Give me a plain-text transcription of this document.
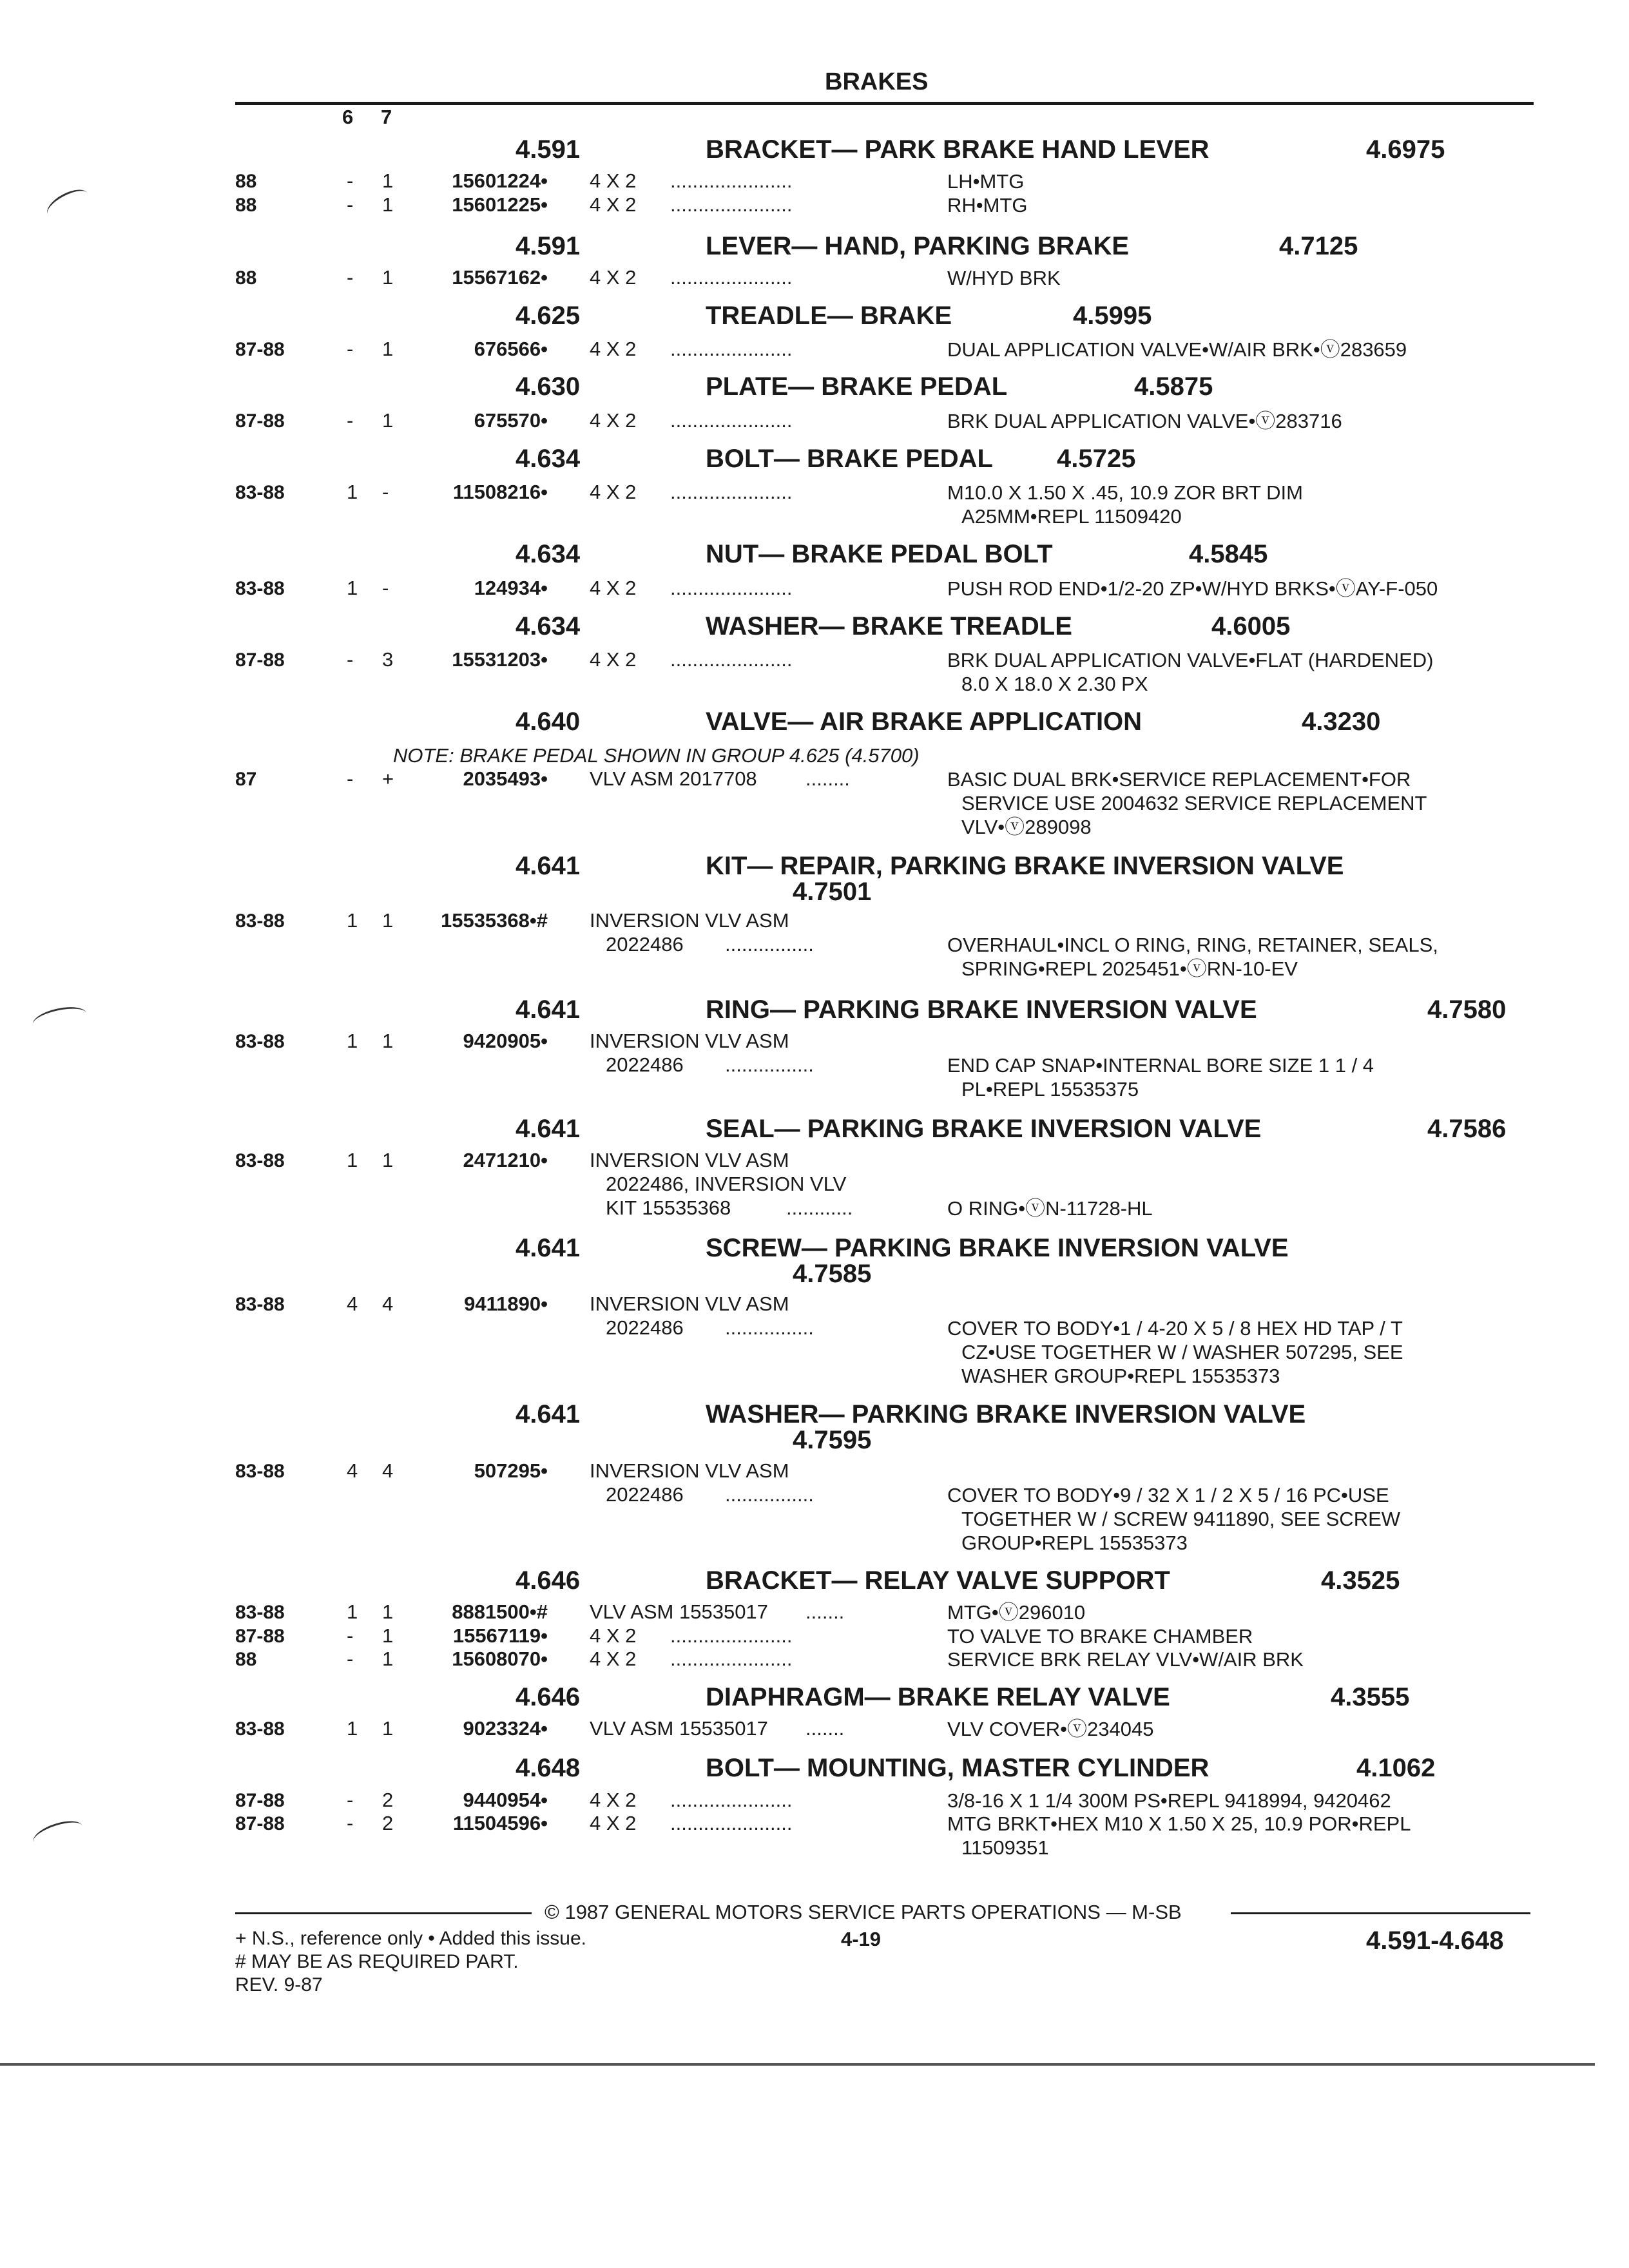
BRAKES
6 7
4.591	BRACKET— PARK BRAKE HAND LEVER	4.6975
88	- 1	15601224• 4 X 2 ......................	LH•MTG
88	- 1	15601225• 4 X 2 ......................	RH•MTG
4.591	LEVER— HAND, PARKING BRAKE	4.7125
88	- 1	15567162• 4 X 2 ......................	W/HYD BRK
4.625	TREADLE— BRAKE	4.5995
87-88	- 1	676566• 4 X 2 ......................	DUAL APPLICATION VALVE•W/AIR BRK•ⓥ283659
4.630	PLATE— BRAKE PEDAL	4.5875
87-88	- 1	675570• 4 X 2 ......................	BRK DUAL APPLICATION VALVE•ⓥ283716
4.634	BOLT— BRAKE PEDAL 4.5725
83-88	1 -	11508216• 4 X 2 ......................	M10.0 X 1.50 X .45, 10.9 ZOR BRT DIM
A25MM•REPL 11509420
4.634	NUT— BRAKE PEDAL BOLT	4.5845
83-88	1 -	124934• 4 X 2 ......................	PUSH ROD END•1/2-20 ZP•W/HYD BRKS•ⓥAY-F-050
4.634	WASHER— BRAKE TREADLE	4.6005
87-88	- 3	15531203• 4 X 2 ......................	BRK DUAL APPLICATION VALVE•FLAT (HARDENED)
8.0 X 18.0 X 2.30 PX
4.640	VALVE— AIR BRAKE APPLICATION	4.3230
NOTE: BRAKE PEDAL SHOWN IN GROUP 4.625 (4.5700)
87	- +	2035493• VLV ASM 2017708 ........	BASIC DUAL BRK•SERVICE REPLACEMENT•FOR
SERVICE USE 2004632 SERVICE REPLACEMENT
VLV•ⓥ289098
4.641	KIT— REPAIR, PARKING BRAKE INVERSION VALVE
4.7501
83-88	1 1 15535368•# INVERSION VLV ASM
2022486 ................	OVERHAUL•INCL O RING, RING, RETAINER, SEALS,
SPRING•REPL 2025451•ⓥRN-10-EV
4.641	RING— PARKING BRAKE INVERSION VALVE	4.7580
83-88	1 1	9420905• INVERSION VLV ASM
2022486 ................	END CAP SNAP•INTERNAL BORE SIZE 1 1 / 4
PL•REPL 15535375
4.641	SEAL— PARKING BRAKE INVERSION VALVE	4.7586
83-88	1 1	2471210• INVERSION VLV ASM
2022486, INVERSION VLV
KIT 15535368	............	O RING•ⓥN-11728-HL
4.641	SCREW— PARKING BRAKE INVERSION VALVE
4.7585
83-88	4 4	9411890• INVERSION VLV ASM
2022486 ................	COVER TO BODY•1 / 4-20 X 5 / 8 HEX HD TAP / T
CZ•USE TOGETHER W / WASHER 507295, SEE
WASHER GROUP•REPL 15535373
4.641	WASHER— PARKING BRAKE INVERSION VALVE
4.7595
83-88	4 4	507295• INVERSION VLV ASM
2022486 ................	COVER TO BODY•9 / 32 X 1 / 2 X 5 / 16 PC•USE
TOGETHER W / SCREW 9411890, SEE SCREW
GROUP•REPL 15535373
4.646	BRACKET— RELAY VALVE SUPPORT	4.3525
83-88	1 1	8881500•# VLV ASM 15535017 .......	MTG•ⓥ296010
87-88	- 1	15567119• 4 X 2 ......................	TO VALVE TO BRAKE CHAMBER
88	- 1	15608070• 4 X 2 ......................	SERVICE BRK RELAY VLV•W/AIR BRK
4.646	DIAPHRAGM— BRAKE RELAY VALVE	4.3555
83-88	1 1	9023324• VLV ASM 15535017 .......	VLV COVER•ⓥ234045
4.648	BOLT— MOUNTING, MASTER CYLINDER	4.1062
87-88	- 2	9440954• 4 X 2 ......................	3/8-16 X 1 1/4 300M PS•REPL 9418994, 9420462
87-88	- 2	11504596• 4 X 2 ......................	MTG BRKT•HEX M10 X 1.50 X 25, 10.9 POR•REPL
11509351
© 1987 GENERAL MOTORS SERVICE PARTS OPERATIONS — M-SB
+ N.S., reference only • Added this issue.	4-19	4.591-4.648
# MAY BE AS REQUIRED PART.
REV. 9-87
